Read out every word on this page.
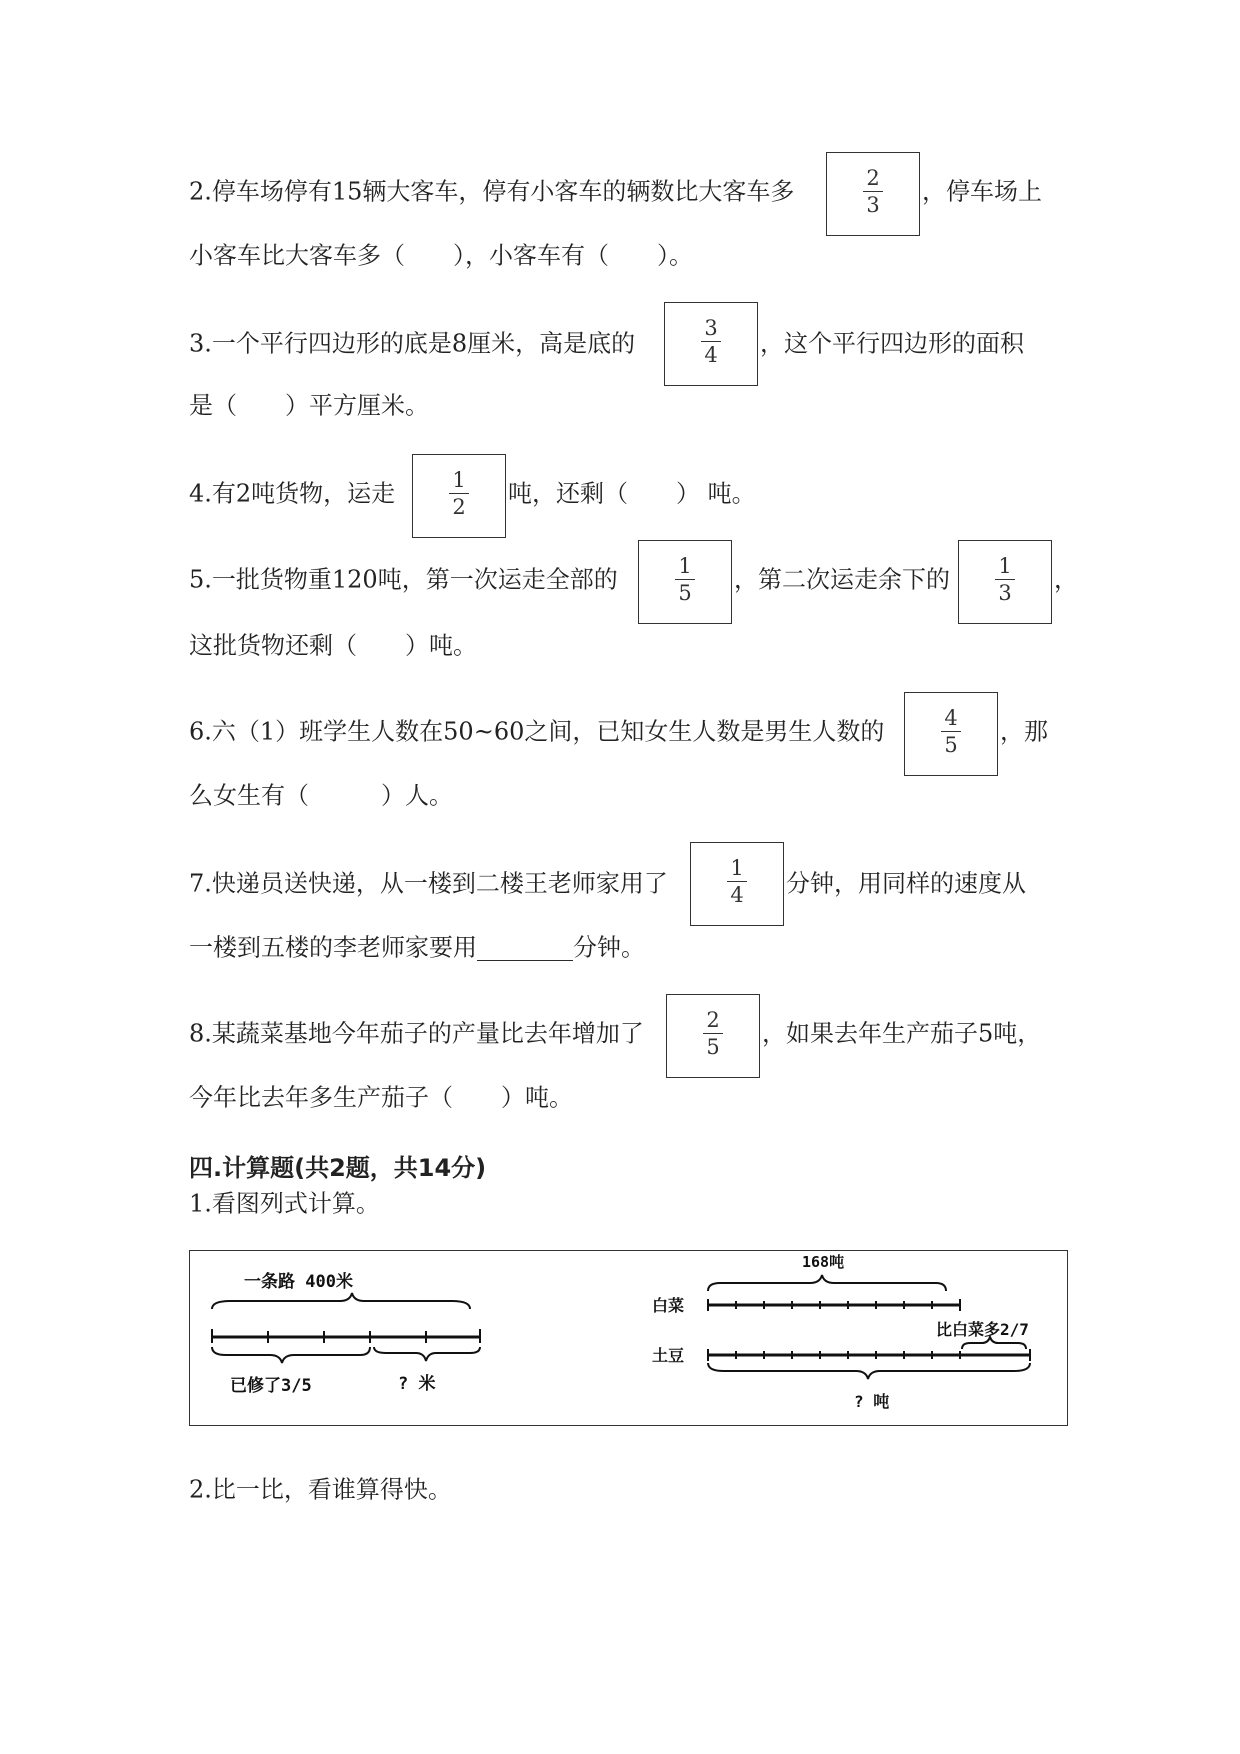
2.停车场停有15辆大客车，停有小客车的辆数比大客车多	2
3	，停车场上
小客车比大客车多（　　），小客车有（　　）。
3.一个平行四边形的底是8厘米，高是底的
3
4	，这个平行四边形的面积
是（　　）平方厘米。
4.有2吨货物，运走	1
2	吨，还剩（　　） 吨。
5.一批货物重120吨，第一次运走全部的	1
5	，第二次运走余下的	1
3	，
这批货物还剩（　　）吨。
6.六（1）班学生人数在50~60之间，已知女生人数是男生人数的	4
5	，那
么女生有（　　　）人。
7.快递员送快递，从一楼到二楼王老师家用了
1
4	分钟，用同样的速度从
一楼到五楼的李老师家要用________分钟。
8.某蔬菜基地今年茄子的产量比去年增加了	2
5	，如果去年生产茄子5吨，
今年比去年多生产茄子（　　）吨。
四.计算题(共2题，共14分)
1.看图列式计算。
一条路 400米
已修了3/5	? 米
168吨
白菜
土豆
比白菜多2/7
? 吨
2.比一比，看谁算得快。
